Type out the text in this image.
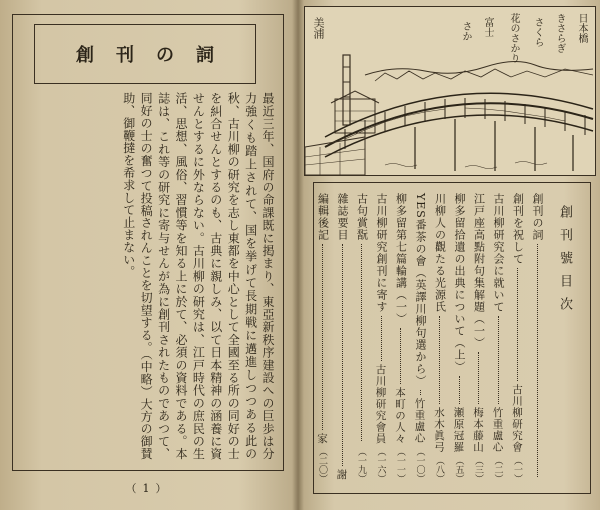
創刊の詞
最近三年、国府の命課既に掲まり、東亞新秩序建設への巨歩は分力強くも踏上されて、国を挙げて長期戦に邁進しつつある此の秋、古川柳の研究を志し東都を中心として全國至る所の同好の士を糾合せんとするのも、古典に親しみ、以て日本精神の涵養に資せんとするに外ならない。古川柳の研究は、江戸時代の庶民の生活、思想、風俗、習慣等を知る上に於て、必須の資料である。本誌は、これ等の研究に寄与せんが為に創刊されたものであつて、同好の士の奮つて投稿されんことを切望する。（中略）大方の御賛助、御鞭撻を希求して止まない。
（1）
美浦	日本橋
きさらぎ
さくら
花のさかり
富士
さか
創刊號目次
創刊の詞
創刊を祝して
古川柳研究會
（一）
古川柳研究会に就いて
竹重盧心
（二）
江戸座高點附句集解題（一）
梅本藤山
（三）
柳多留拾遺の出典について（上）
瀬原冠羅
（五）
川柳人の觀たる光源氏
水木眞弓
（八）
YES番茶の會（英譯川柳句選から）
竹重盧心
（一〇）
柳多留第七篇輪講（一）
本町の人々
（一一）
古川柳研究創刊に寄す
古川柳研究會員
（一六）
古句賞翫
（一九）
雜誌要目
謝
編輯後記
家
（二〇）
